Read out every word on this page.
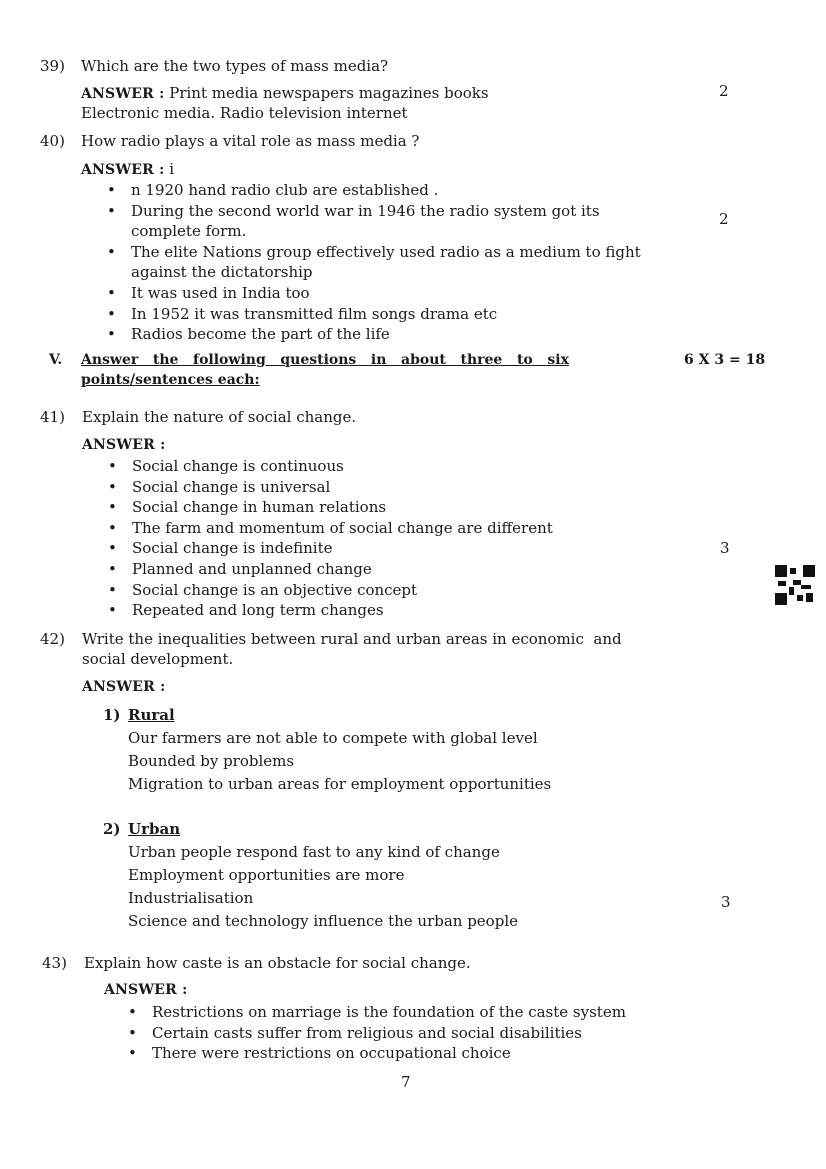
39) Which are the two types of mass media?
ANSWER : Print media newspapers magazines books
Electronic media. Radio television internet
2
40) How radio plays a vital role as mass media ?
ANSWER : i
• n 1920 hand radio club are established .
• During the second world war in 1946 the radio system got its
complete form.
• The elite Nations group effectively used radio as a medium to fight
against the dictatorship
• It was used in India too
• In 1952 it was transmitted film songs drama etc
• Radios become the part of the life
2
V. Answer   the   following   questions   in   about   three   to   six
points/sentences each:
6 X 3 = 18
41) Explain the nature of social change.
ANSWER :
• Social change is continuous
• Social change is universal
• Social change in human relations
• The farm and momentum of social change are different
• Social change is indefinite
• Planned and unplanned change
• Social change is an objective concept
• Repeated and long term changes
3
42) Write the inequalities between rural and urban areas in economic  and
social development.
ANSWER :
1) Rural
Our farmers are not able to compete with global level
Bounded by problems
Migration to urban areas for employment opportunities
2) Urban
Urban people respond fast to any kind of change
Employment opportunities are more
Industrialisation
Science and technology influence the urban people
3
43) Explain how caste is an obstacle for social change.
ANSWER :
• Restrictions on marriage is the foundation of the caste system
• Certain casts suffer from religious and social disabilities
• There were restrictions on occupational choice
7
